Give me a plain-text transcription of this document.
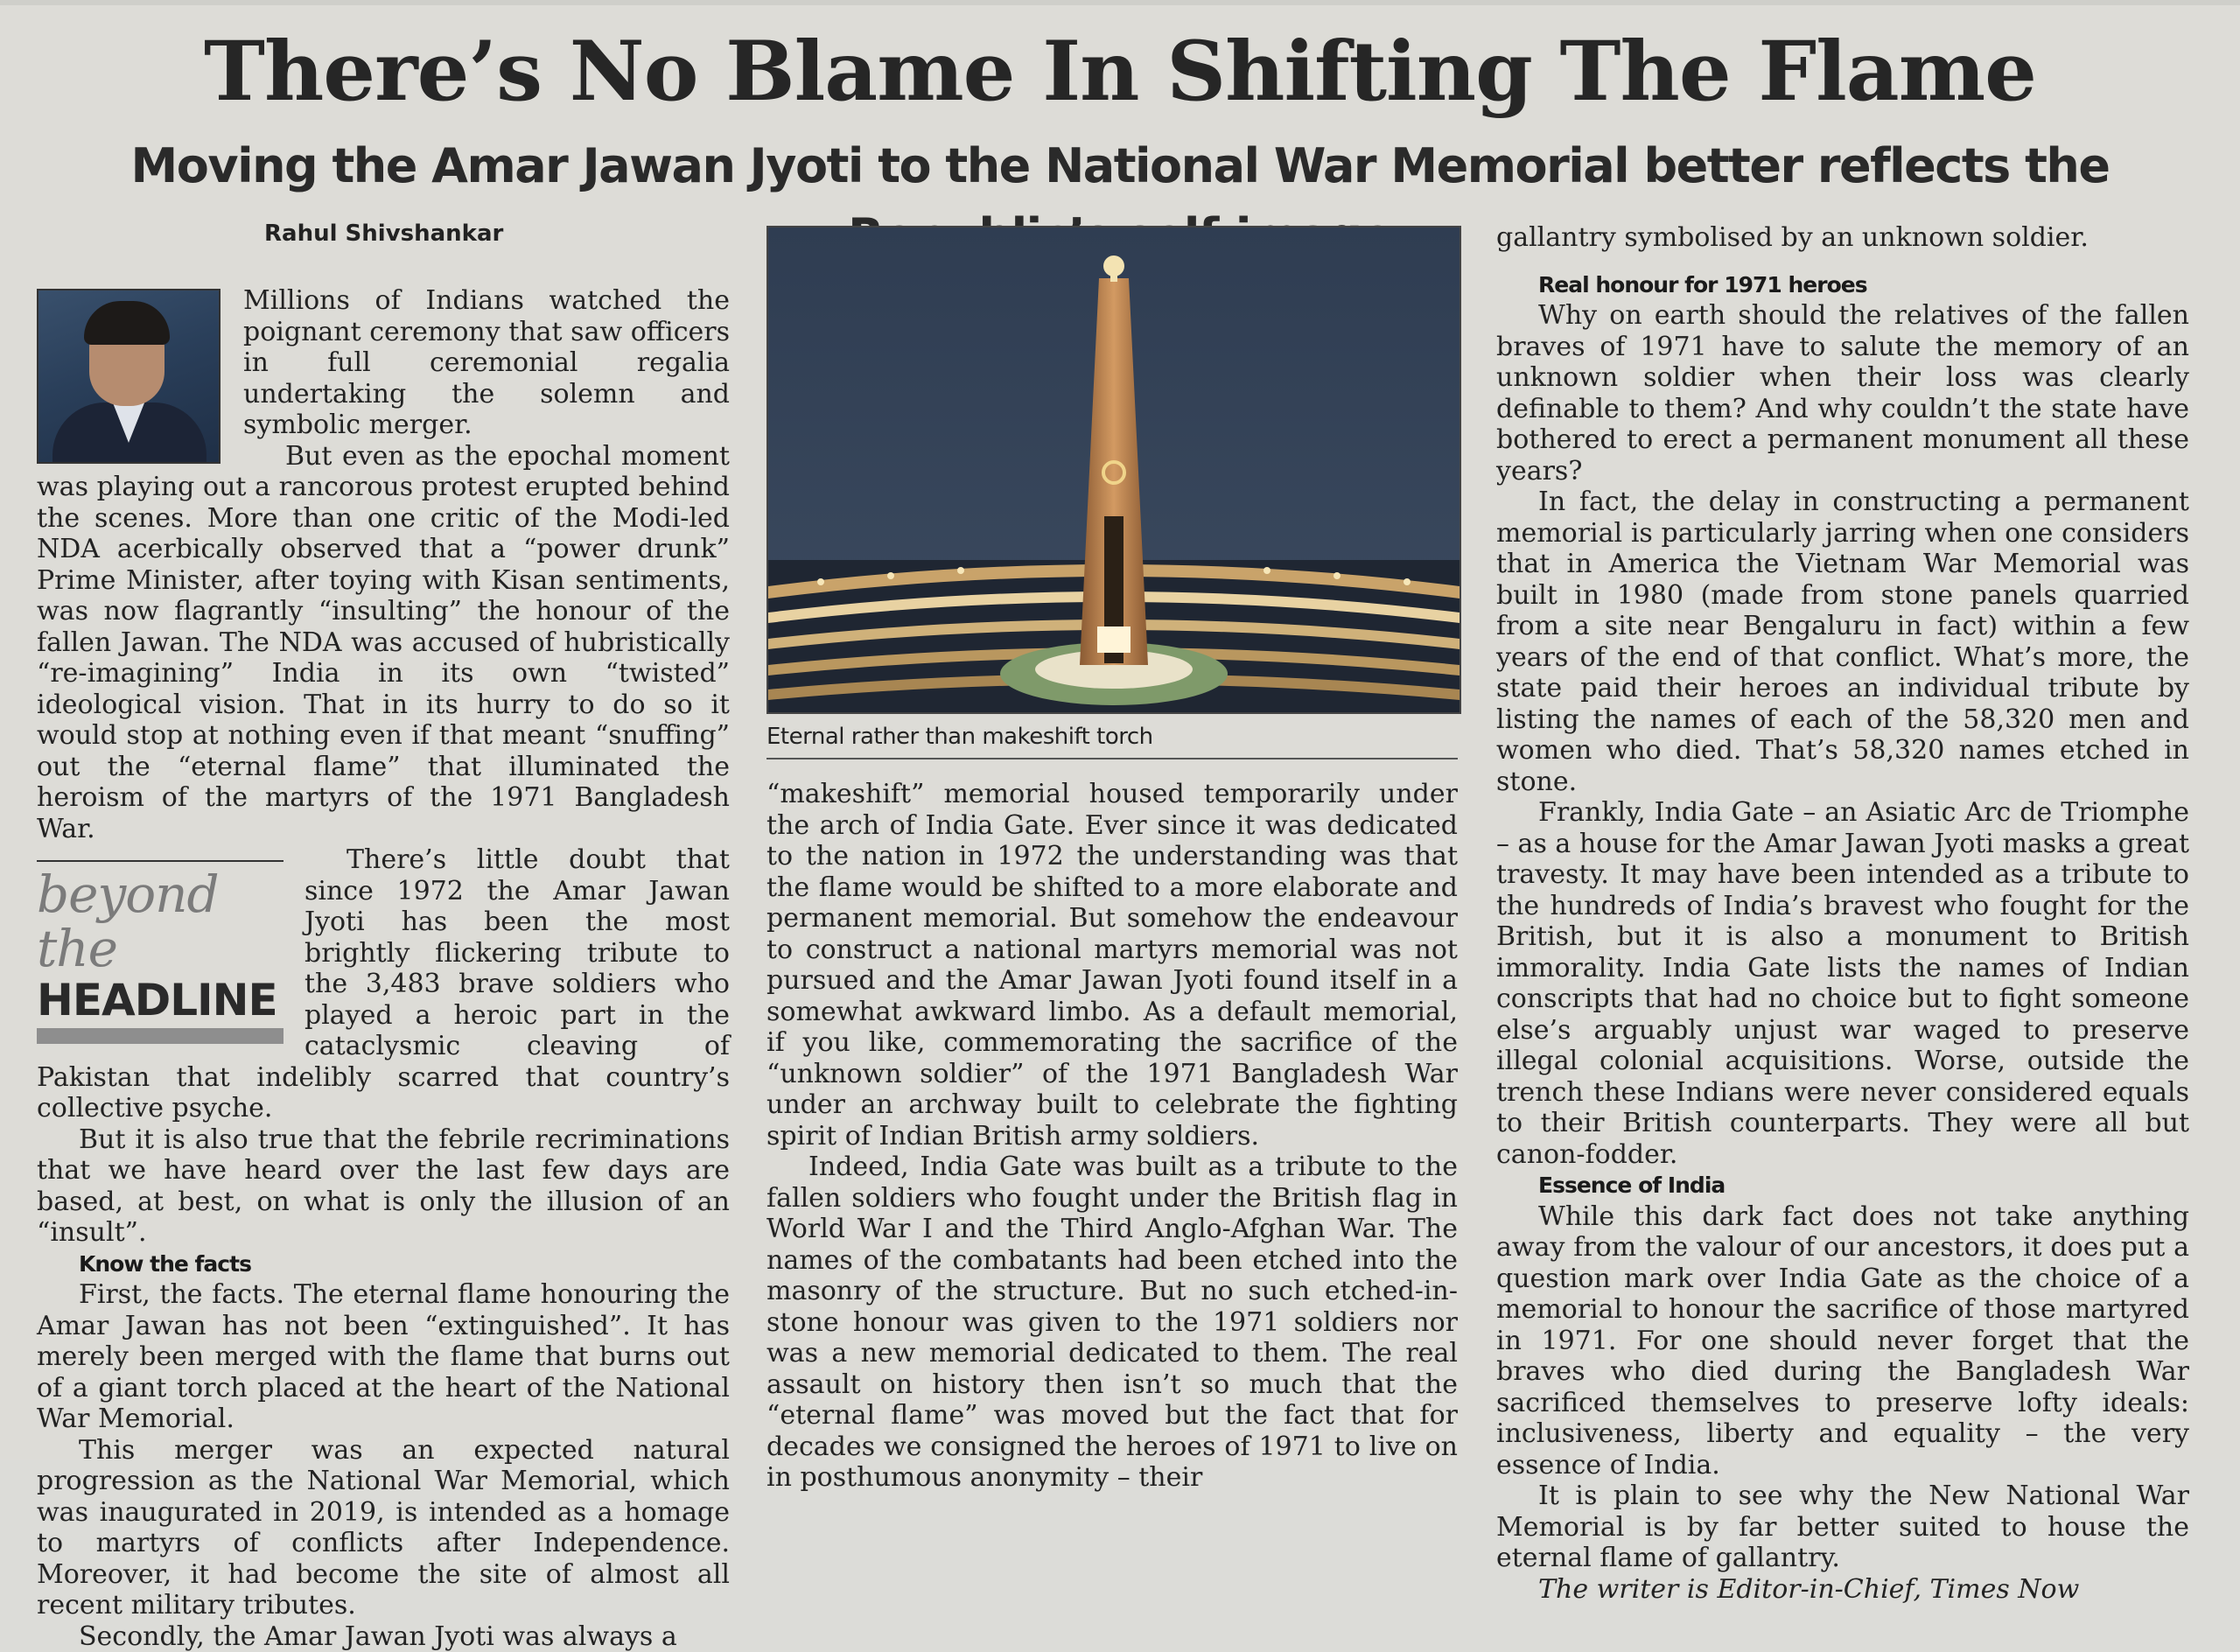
There’s No Blame In Shifting The Flame
Moving the Amar Jawan Jyoti to the National War Memorial better reflects the
Rahul Shivshankar

Millions of Indians watched the poignant ceremony that saw officers in full ceremonial regalia undertaking the solemn and symbolic merger.

But even as the epochal moment was playing out a rancorous protest erupted behind the scenes. More than one critic of the Modi-led NDA acerbically observed that a “power drunk” Prime Minister, after toying with Kisan sentiments, was now flagrantly “insulting” the honour of the fallen Jawan. The NDA was accused of hubristically “re-imagining” India in its own “twisted” ideological vision. That in its hurry to do so it would stop at nothing even if that meant “snuffing” out the “eternal flame” that illuminated the heroism of the martyrs of the 1971 Bangladesh War.

beyond the
HEADLINE

There’s little doubt that since 1972 the Amar Jawan Jyoti has been the most brightly flickering tribute to the 3,483 brave soldiers who played a heroic part in the cataclysmic cleaving of Pakistan that indelibly scarred that country’s collective psyche.

But it is also true that the febrile recriminations that we have heard over the last few days are based, at best, on what is only the illusion of an “insult”.

Know the facts

First, the facts. The eternal flame honouring the Amar Jawan has not been “extinguished”. It has merely been merged with the flame that burns out of a giant torch placed at the heart of the National War Memorial.

This merger was an expected natural progression as the National War Memorial, which was inaugurated in 2019, is intended as a homage to martyrs of conflicts after Independence. Moreover, it had become the site of almost all recent military tributes.

Secondly, the Amar Jawan Jyoti was always a

Eternal rather than makeshift torch

“makeshift” memorial housed temporarily under the arch of India Gate. Ever since it was dedicated to the nation in 1972 the understanding was that the flame would be shifted to a more elaborate and permanent memorial. But somehow the endeavour to construct a national martyrs memorial was not pursued and the Amar Jawan Jyoti found itself in a somewhat awkward limbo. As a default memorial, if you like, commemorating the sacrifice of the “unknown soldier” of the 1971 Bangladesh War under an archway built to celebrate the fighting spirit of Indian British army soldiers.

Indeed, India Gate was built as a tribute to the fallen soldiers who fought under the British flag in World War I and the Third Anglo-Afghan War. The names of the combatants had been etched into the masonry of the structure. But no such etched-in-stone honour was given to the 1971 soldiers nor was a new memorial dedicated to them. The real assault on history then isn’t so much that the “eternal flame” was moved but the fact that for decades we consigned the heroes of 1971 to live on in posthumous anonymity – their

gallantry symbolised by an unknown soldier.

Real honour for 1971 heroes

Why on earth should the relatives of the fallen braves of 1971 have to salute the memory of an unknown soldier when their loss was clearly definable to them? And why couldn’t the state have bothered to erect a permanent monument all these years?

In fact, the delay in constructing a permanent memorial is particularly jarring when one considers that in America the Vietnam War Memorial was built in 1980 (made from stone panels quarried from a site near Bengaluru in fact) within a few years of the end of that conflict. What’s more, the state paid their heroes an individual tribute by listing the names of each of the 58,320 men and women who died. That’s 58,320 names etched in stone.

Frankly, India Gate – an Asiatic Arc de Triomphe – as a house for the Amar Jawan Jyoti masks a great travesty. It may have been intended as a tribute to the hundreds of India’s bravest who fought for the British, but it is also a monument to British immorality. India Gate lists the names of Indian conscripts that had no choice but to fight someone else’s arguably unjust war waged to preserve illegal colonial acquisitions. Worse, outside the trench these Indians were never considered equals to their British counterparts. They were all but canon-fodder.

Essence of India

While this dark fact does not take anything away from the valour of our ancestors, it does put a question mark over India Gate as the choice of a memorial to honour the sacrifice of those martyred in 1971. For one should never forget that the braves who died during the Bangladesh War sacrificed themselves to preserve lofty ideals: inclusiveness, liberty and equality – the very essence of India.

It is plain to see why the New National War Memorial is by far better suited to house the eternal flame of gallantry.

The writer is Editor-in-Chief, Times Now
